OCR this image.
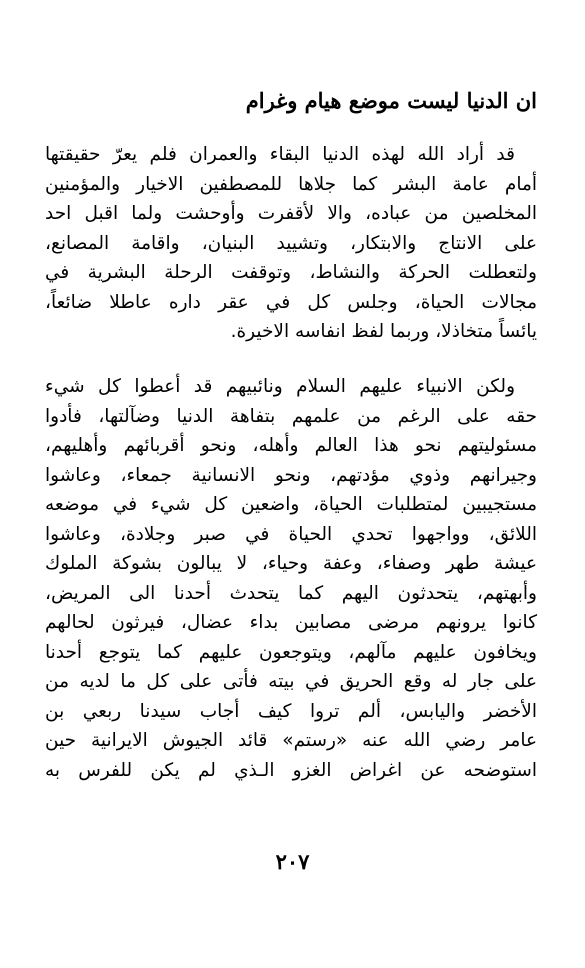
ان الدنيا ليست موضع هيام وغرام
قد أراد الله لهذه الدنيا البقاء والعمران فلم يعرّ حقيقتها
أمام عامة البشر كما جلاها للمصطفين الاخيار والمؤمنين
المخلصين من عباده، والا لأقفرت وأوحشت ولما اقبل احد
على الانتاج والابتكار، وتشييد البنيان، واقامة المصانع،
ولتعطلت الحركة والنشاط، وتوقفت الرحلة البشرية في
مجالات الحياة، وجلس كل في عقر داره عاطلا ضائعاً،
يائساً متخاذلا، وربما لفظ انفاسه الاخيرة.
ولكن الانبياء عليهم السلام ونائبيهم قد أعطوا كل شيء
حقه على الرغم من علمهم بتفاهة الدنيا وضآلتها، فأدوا
مسئوليتهم نحو هذا العالم وأهله، ونحو أقربائهم وأهليهم،
وجيرانهم وذوي مؤدتهم، ونحو الانسانية جمعاء، وعاشوا
مستجيبين لمتطلبات الحياة، واضعين كل شيء في موضعه
اللائق، وواجهوا تحدي الحياة في صبر وجلادة، وعاشوا
عيشة طهر وصفاء، وعفة وحياء، لا يبالون بشوكة الملوك
وأبهتهم، يتحدثون اليهم كما يتحدث أحدنا الى المريض،
كانوا يرونهم مرضى مصابين بداء عضال، فيرثون لحالهم
ويخافون عليهم مآلهم، ويتوجعون عليهم كما يتوجع أحدنا
على جار له وقع الحريق في بيته فأتى على كل ما لديه من
الأخضر واليابس، ألم تروا كيف أجاب سيدنا ربعي بن
عامر رضي الله عنه «رستم» قائد الجيوش الايرانية حين
استوضحه عن اغراض الغزو الـذي لم يكن للفرس به
٢٠٧
